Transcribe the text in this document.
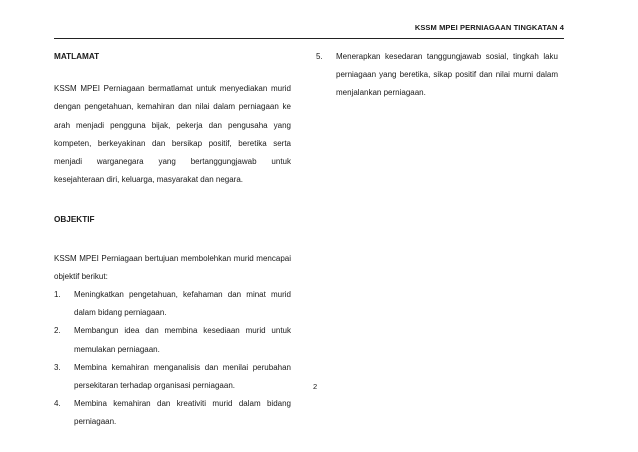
KSSM MPEI PERNIAGAAN TINGKATAN 4
MATLAMAT
KSSM MPEI Perniagaan bermatlamat untuk menyediakan murid dengan pengetahuan, kemahiran dan nilai dalam perniagaan ke arah menjadi pengguna bijak, pekerja dan pengusaha yang kompeten, berkeyakinan dan bersikap positif, beretika serta menjadi warganegara yang bertanggungjawab untuk kesejahteraan diri, keluarga, masyarakat dan negara.
OBJEKTIF
KSSM MPEI Perniagaan bertujuan membolehkan murid mencapai objektif berikut:
1.	Meningkatkan pengetahuan, kefahaman dan minat murid dalam bidang perniagaan.
2.	Membangun idea dan membina kesediaan murid untuk memulakan perniagaan.
3.	Membina kemahiran menganalisis dan menilai perubahan persekitaran terhadap organisasi perniagaan.
4.	Membina kemahiran dan kreativiti murid dalam bidang perniagaan.
5.	Menerapkan kesedaran tanggungjawab sosial, tingkah laku perniagaan yang beretika, sikap positif dan nilai murni dalam menjalankan perniagaan.
2
